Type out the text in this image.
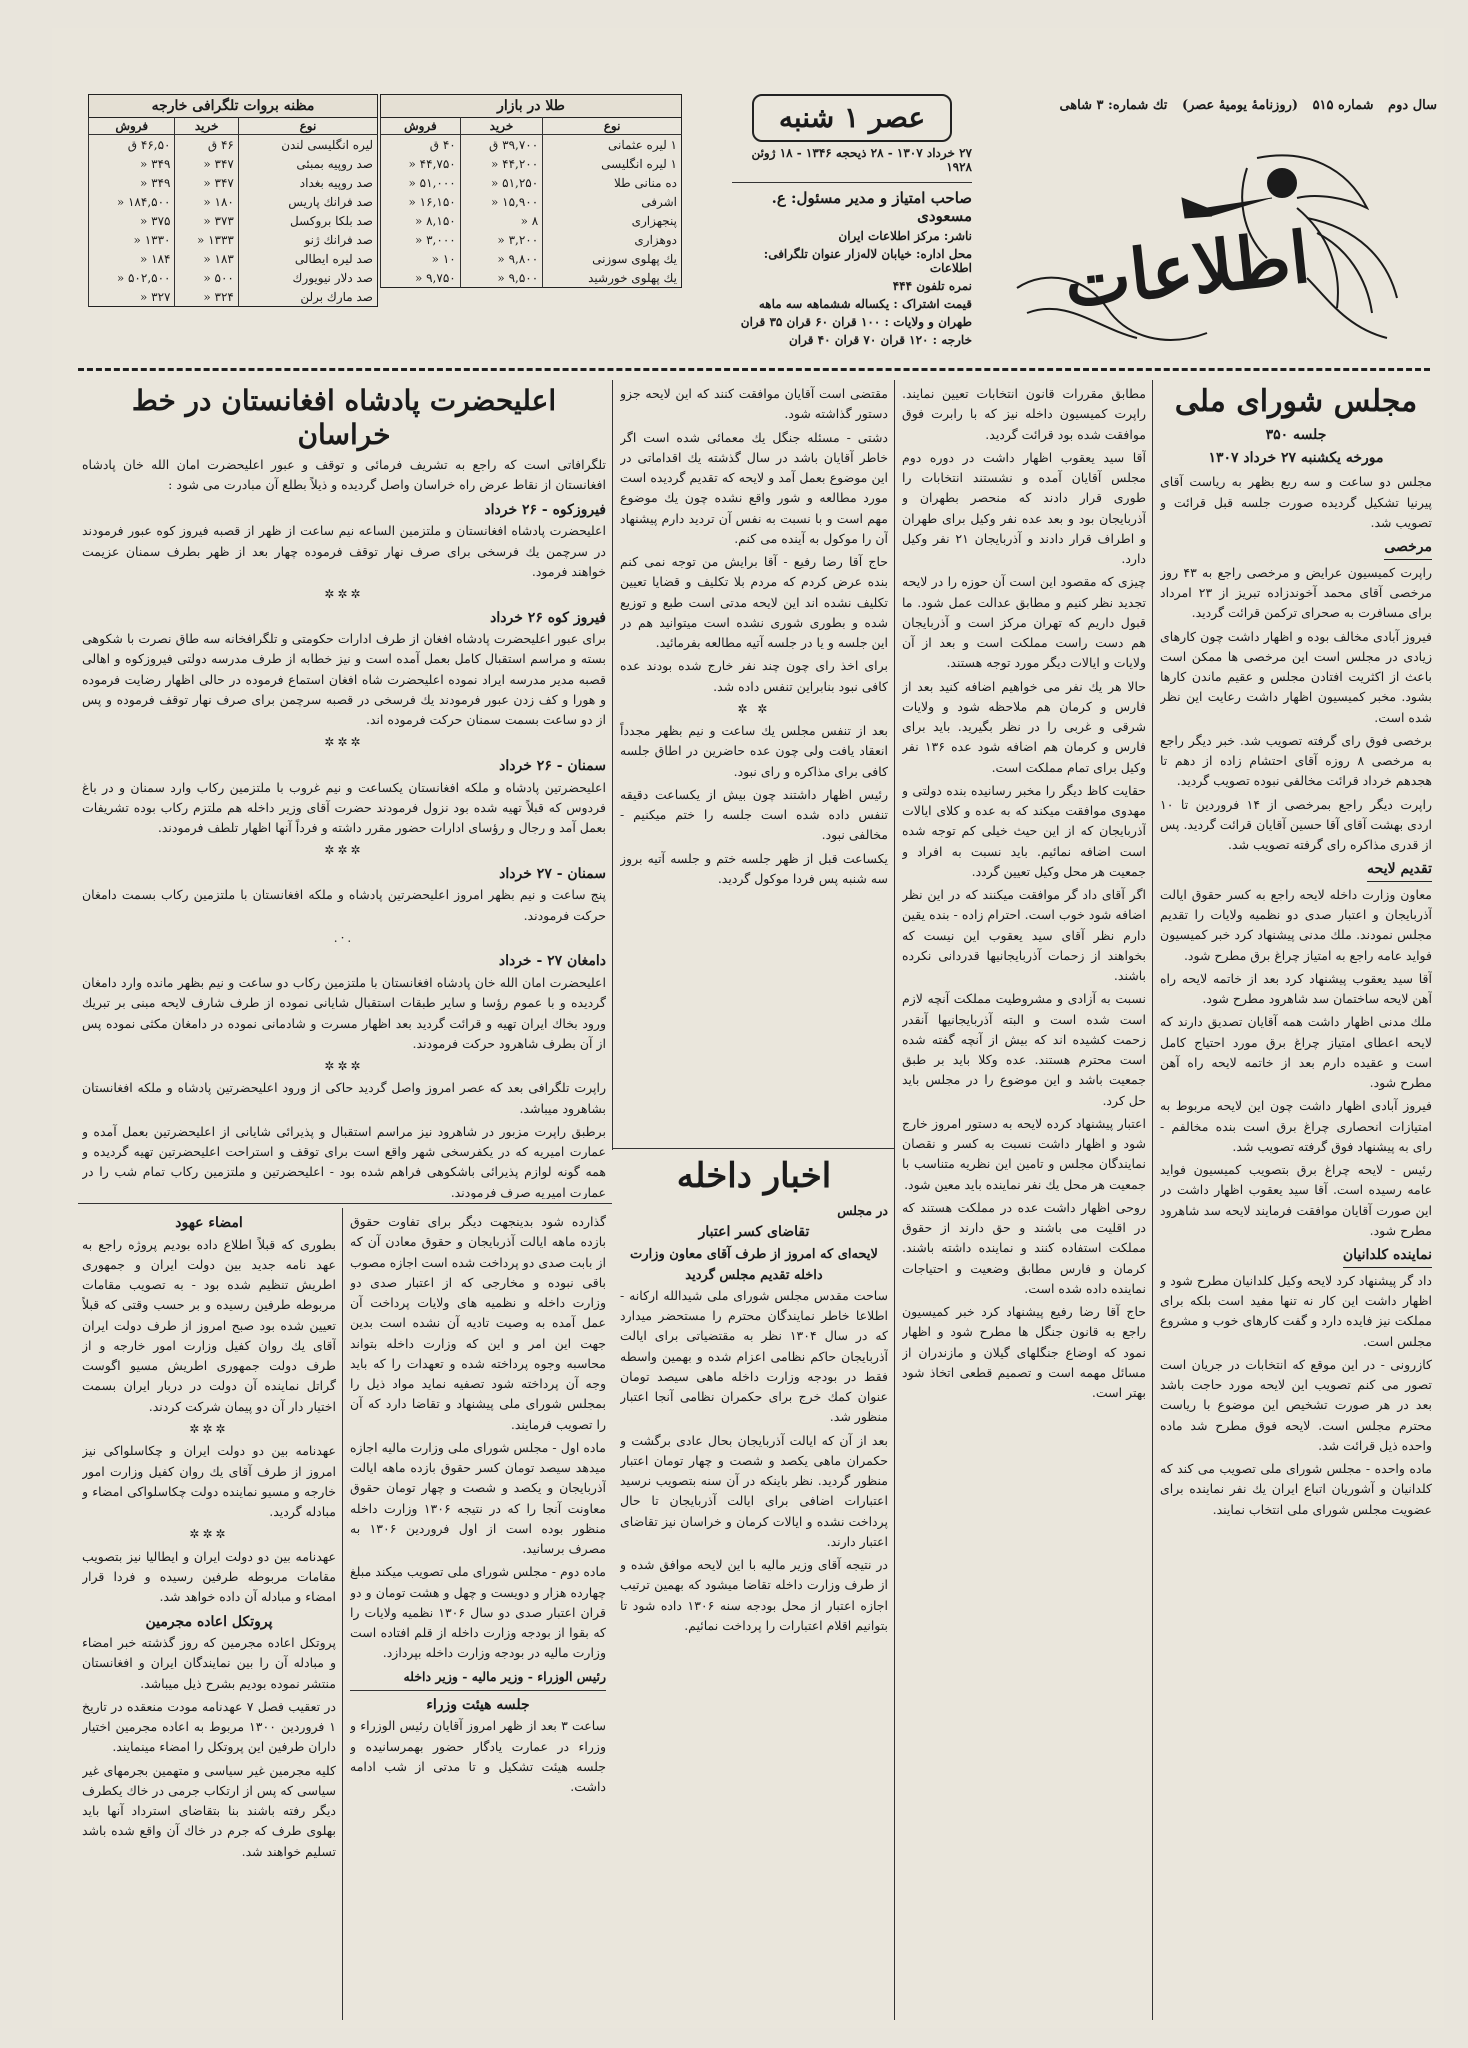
سال دوم شماره ۵۱۵ (روزنامهٔ یومیهٔ عصر) تك شماره: ۳ شاهی
اطلاعات
عصر ۱ شنبه
۲۷ خرداد ۱۳۰۷ - ۲۸ ذیحجه ۱۳۴۶ - ۱۸ ژوئن ۱۹۲۸
صاحب امتیاز و مدیر مسئول: ع. مسعودی
ناشر: مرکز اطلاعات ایران
محل اداره: خیابان لاله‌زار عنوان تلگرافی: اطلاعات
نمره تلفون ۴۴۴
قیمت اشتراک : یکساله ششماهه سه ماهه
طهران و ولایات : ۱۰۰ قران ۶۰ قران ۳۵ قران
خارجه : ۱۲۰ قران ۷۰ قران ۴۰ قران
طلا در بازار
نوع	خرید	فروش
۱ لیره عثمانی	۳۹,۷۰۰ ق	۴۰ ق
۱ لیره انگلیسی	۴۴,۲۰۰ «	۴۴,۷۵۰ «
ده منانی طلا	۵۱,۲۵۰ «	۵۱,۰۰۰ «
اشرفی	۱۵,۹۰۰ «	۱۶,۱۵۰ «
پنجهزاری	۸ «	۸,۱۵۰ «
دوهزاری	۳,۲۰۰ «	۳,۰۰۰ «
یك پهلوی سوزنی	۹,۸۰۰ «	۱۰ «
یك پهلوی خورشید	۹,۵۰۰ «	۹,۷۵۰ «
مظنه بروات تلگرافی خارجه
نوع	خرید	فروش
لیره انگلیسی لندن	۴۶ ق	۴۶,۵۰ ق
صد روپیه بمبئی	۳۴۷ «	۳۴۹ «
صد روپیه بغداد	۳۴۷ «	۳۴۹ «
صد فرانك پاریس	۱۸۰ «	۱۸۴,۵۰۰ «
صد بلکا بروکسل	۳۷۳ «	۳۷۵ «
صد فرانك ژنو	۱۳۳۳ «	۱۳۳۰ «
صد لیره ایطالی	۱۸۳ «	۱۸۴ «
صد دلار نیویورك	۵۰۰ «	۵۰۲,۵۰۰ «
صد مارك برلن	۳۲۴ «	۳۲۷ «
مجلس شورای ملی
جلسه ۳۵۰
مورخه یکشنبه ۲۷ خرداد ۱۳۰۷

مجلس دو ساعت و سه ربع بظهر به ریاست آقای پیرنیا تشکیل گردیده صورت جلسه قبل قرائت و تصویب شد.

مرخصی

راپرت کمیسیون عرایض و مرخصی راجع به ۴۳ روز مرخصی آقای محمد آخوندزاده تبریز از ۲۳ امرداد برای مسافرت به صحرای ترکمن قرائت گردید.

فیروز آبادی مخالف بوده و اظهار داشت چون کارهای زیادی در مجلس است این مرخصی ها ممکن است باعث از اکثریت افتادن مجلس و عقیم ماندن کارها بشود. مخبر کمیسیون اظهار داشت رعایت این نظر شده است.

برخصی فوق رای گرفته تصویب شد. خبر دیگر راجع به مرخصی ۸ روزه آقای احتشام زاده از دهم تا هجدهم خرداد قرائت مخالفی نبوده تصویب گردید.

راپرت دیگر راجع بمرخصی از ۱۴ فروردین تا ۱۰ اردی بهشت آقای آقا حسین آقایان قرائت گردید. پس از قدری مذاکره رای گرفته تصویب شد.

تقدیم لایحه

معاون وزارت داخله لایحه راجع به کسر حقوق ایالت آذربایجان و اعتبار صدی دو نظمیه ولایات را تقدیم مجلس نمودند. ملك مدنی پیشنهاد کرد خبر کمیسیون فواید عامه راجع به امتیاز چراغ برق مطرح شود.

آقا سید یعقوب پیشنهاد کرد بعد از خاتمه لایحه راه آهن لایحه ساختمان سد شاهرود مطرح شود.

ملك مدنی اظهار داشت همه آقایان تصدیق دارند که لایحه اعطای امتیاز چراغ برق مورد احتیاج کامل است و عقیده دارم بعد از خاتمه لایحه راه آهن مطرح شود.

فیروز آبادی اظهار داشت چون این لایحه مربوط به امتیازات انحصاری چراغ برق است بنده مخالفم - رای به پیشنهاد فوق گرفته تصویب شد.

رئیس - لایحه چراغ برق بتصویب کمیسیون فواید عامه رسیده است. آقا سید یعقوب اظهار داشت در این صورت آقایان موافقت فرمایند لایحه سد شاهرود مطرح شود.

نماینده کلدانیان

داد گر پیشنهاد کرد لایحه وکیل کلدانیان مطرح شود و اظهار داشت این کار نه تنها مفید است بلکه برای مملکت نیز فایده دارد و گفت کارهای خوب و مشروع مجلس است.

کازرونی - در این موقع که انتخابات در جریان است تصور می کنم تصویب این لایحه مورد حاجت باشد بعد در هر صورت تشخیص این موضوع با ریاست محترم مجلس است. لایحه فوق مطرح شد ماده واحده ذیل قرائت شد.

ماده واحده - مجلس شورای ملی تصویب می کند که کلدانیان و آشوریان اتباع ایران یك نفر نماینده برای عضویت مجلس شورای ملی انتخاب نمایند.

مطابق مقررات قانون انتخابات تعیین نمایند. راپرت کمیسیون داخله نیز که با رابرت فوق موافقت شده بود قرائت گردید.

آقا سید یعقوب اظهار داشت در دوره دوم مجلس آقایان آمده و نشستند انتخابات را طوری قرار دادند که منحصر بطهران و آذربایجان بود و بعد عده نفر وکیل برای طهران و اطراف قرار دادند و آذربایجان ۲۱ نفر وکیل دارد.

چیزی که مقصود این است آن حوزه را در لایحه تجدید نظر کنیم و مطابق عدالت عمل شود. ما قبول داریم که تهران مرکز است و آذربایجان هم دست راست مملکت است و بعد از آن ولایات و ایالات دیگر مورد توجه هستند.

حالا هر یك نفر می خواهیم اضافه کنید بعد از فارس و کرمان هم ملاحظه شود و ولایات شرقی و غربی را در نظر بگیرید. باید برای فارس و کرمان هم اضافه شود عده ۱۳۶ نفر وکیل برای تمام مملکت است.

حقایت کاظ دیگر را مخبر رسانیده بنده دولتی و مهدوی موافقت میکند که به عده و کلای ایالات آذربایجان که از این حیث خیلی کم توجه شده است اضافه نمائیم. باید نسبت به افراد و جمعیت هر محل وکیل تعیین گردد.

اگر آقای داد گر موافقت میکنند که در این نظر اضافه شود خوب است. احترام زاده - بنده یقین دارم نظر آقای سید یعقوب این نیست که بخواهند از زحمات آذربایجانیها قدردانی نکرده باشند.

نسبت به آزادی و مشروطیت مملکت آنچه لازم است شده است و البته آذربایجانیها آنقدر زحمت کشیده اند که بیش از آنچه گفته شده است محترم هستند. عده وکلا باید بر طبق جمعیت باشد و این موضوع را در مجلس باید حل کرد.

اعتبار پیشنهاد کرده لایحه به دستور امروز خارج شود و اظهار داشت نسبت به کسر و نقصان نمایندگان مجلس و تامین این نظریه متناسب با جمعیت هر محل یك نفر نماینده باید معین شود.

روحی اظهار داشت عده در مملکت هستند که در اقلیت می باشند و حق دارند از حقوق مملکت استفاده کنند و نماینده داشته باشند. کرمان و فارس مطابق وضعیت و احتیاجات نماینده داده شده است.

حاج آقا رضا رفیع پیشنهاد کرد خبر کمیسیون راجع به قانون جنگل ها مطرح شود و اظهار نمود که اوضاع جنگلهای گیلان و مازندران از مسائل مهمه است و تصمیم قطعی اتخاذ شود بهتر است.

مقتضی است آقایان موافقت کنند که این لایحه جزو دستور گذاشته شود.

دشتی - مسئله جنگل یك معمائی شده است اگر خاطر آقایان باشد در سال گذشته یك اقداماتی در این موضوع بعمل آمد و لایحه که تقدیم گردیده است مورد مطالعه و شور واقع نشده چون یك موضوع مهم است و با نسبت به نفس آن تردید دارم پیشنهاد آن را موکول به آینده می کنم.

حاج آقا رضا رفیع - آقا برایش من توجه نمی کنم بنده عرض کردم که مردم بلا تکلیف و قضایا تعیین تکلیف نشده اند این لایحه مدتی است طبع و توزیع شده و بطوری شوری نشده است میتوانید هم در این جلسه و یا در جلسه آتیه مطالعه بفرمائید.

برای اخذ رای چون چند نفر خارج شده بودند عده کافی نبود بنابراین تنفس داده شد.

✲ ✲

بعد از تنفس مجلس یك ساعت و نیم بظهر مجدداً انعقاد یافت ولی چون عده حاضرین در اطاق جلسه کافی برای مذاکره و رای نبود.

رئیس اظهار داشتند چون بیش از یکساعت دقیقه تنفس داده شده است جلسه را ختم میکنیم - مخالفی نبود.

یکساعت قبل از ظهر جلسه ختم و جلسه آتیه بروز سه شنبه پس فردا موکول گردید.

اخبار داخله
در مجلس
تقاضای کسر اعتبار
لایحه‌ای که امروز از طرف آقای معاون وزارت داخله تقدیم مجلس گردید

ساحت مقدس مجلس شورای ملی شیدالله ارکانه - اطلاعا خاطر نمایندگان محترم را مستحضر میدارد که در سال ۱۳۰۴ نظر به مقتضیاتی برای ایالت آذربایجان حاکم نظامی اعزام شده و بهمین واسطه فقط در بودجه وزارت داخله ماهی سیصد تومان عنوان کمك خرج برای حکمران نظامی آنجا اعتبار منظور شد.

بعد از آن که ایالت آذربایجان بحال عادی برگشت و حکمران ماهی یکصد و شصت و چهار تومان اعتبار منظور گردید. نظر باینکه در آن سنه بتصویب نرسید اعتبارات اضافی برای ایالت آذربایجان تا حال پرداخت نشده و ایالات کرمان و خراسان نیز تقاضای اعتبار دارند.

در نتیجه آقای وزیر مالیه با این لایحه موافق شده و از طرف وزارت داخله تقاضا میشود که بهمین ترتیب اجازه اعتبار از محل بودجه سنه ۱۳۰۶ داده شود تا بتوانیم اقلام اعتبارات را پرداخت نمائیم.

اعلیحضرت پادشاه افغانستان در خط خراسان

تلگرافاتی است که راجع به تشریف فرمائی و توقف و عبور اعلیحضرت امان الله خان پادشاه افغانستان از نقاط عرض راه خراسان واصل گردیده و ذیلاً بطلع آن مبادرت می شود :

فیروزکوه - ۲۶ خرداد

اعلیحضرت پادشاه افغانستان و ملتزمین الساعه نیم ساعت از ظهر از قصبه فیروز کوه عبور فرمودند در سرچمن یك فرسخی برای صرف نهار توقف فرموده چهار بعد از ظهر بطرف سمنان عزیمت خواهند فرمود.

✲✲✲
فیروز کوه ۲۶ خرداد

برای عبور اعلیحضرت پادشاه افغان از طرف ادارات حکومتی و تلگرافخانه سه طاق نصرت با شکوهی بسته و مراسم استقبال کامل بعمل آمده است و نیز خطابه از طرف مدرسه دولتی فیروزکوه و اهالی قصبه مدیر مدرسه ایراد نموده اعلیحضرت شاه افغان استماع فرموده در حالی اظهار رضایت فرموده و هورا و کف زدن عبور فرمودند یك فرسخی در قصبه سرچمن برای صرف نهار توقف فرموده و پس از دو ساعت بسمت سمنان حرکت فرموده اند.

✲✲✲
سمنان - ۲۶ خرداد

اعلیحضرتین پادشاه و ملکه افغانستان یکساعت و نیم غروب با ملتزمین رکاب وارد سمنان و در باغ فردوس که قبلاً تهیه شده بود نزول فرمودند حضرت آقای وزیر داخله هم ملتزم رکاب بوده تشریفات بعمل آمد و رجال و رؤسای ادارات حضور مقرر داشته و فرداً آنها اظهار تلطف فرمودند.

✲✲✲
سمنان - ۲۷ خرداد

پنج ساعت و نیم بظهر امروز اعلیحضرتین پادشاه و ملکه افغانستان با ملتزمین رکاب بسمت دامغان حرکت فرمودند.

.·.
دامغان ۲۷ - خرداد

اعلیحضرت امان الله خان پادشاه افغانستان با ملتزمین رکاب دو ساعت و نیم بظهر مانده وارد دامغان گردیده و با عموم رؤسا و سایر طبقات استقبال شایانی نموده از طرف شارف لایحه مبنی بر تبریك ورود بخاك ایران تهیه و قرائت گردید بعد اظهار مسرت و شادمانی نموده در دامغان مکثی نموده پس از آن بطرف شاهرود حرکت فرمودند.

✲✲✲

راپرت تلگرافی بعد که عصر امروز واصل گردید حاکی از ورود اعلیحضرتین پادشاه و ملکه افغانستان بشاهرود میباشد.

برطبق راپرت مزبور در شاهرود نیز مراسم استقبال و پذیرائی شایانی از اعلیحضرتین بعمل آمده و عمارت امیریه که در یکفرسخی شهر واقع است برای توقف و استراحت اعلیحضرتین تهیه گردیده و همه گونه لوازم پذیرائی باشکوهی فراهم شده بود - اعلیحضرتین و ملتزمین رکاب تمام شب را در عمارت امیریه صرف فرمودند.

گذارده شود بدینجهت دیگر برای تفاوت حقوق بازده ماهه ایالت آذربایجان و حقوق معادن آن که از بابت صدی دو پرداخت شده است اجازه مصوب باقی نبوده و مخارجی که از اعتبار صدی دو وزارت داخله و نظمیه های ولایات پرداخت آن عمل آمده به وصیت تادیه آن نشده است بدین جهت این امر و این که وزارت داخله بتواند محاسبه وجوه پرداخته شده و تعهدات را که باید وجه آن پرداخته شود تصفیه نماید مواد ذیل را بمجلس شورای ملی پیشنهاد و تقاضا دارد که آن را تصویب فرمایند.

ماده اول - مجلس شورای ملی وزارت مالیه اجازه میدهد سیصد تومان کسر حقوق بازده ماهه ایالت آذربایجان و یکصد و شصت و چهار تومان حقوق معاونت آنجا را که در نتیجه ۱۳۰۶ وزارت داخله منظور بوده است از اول فروردین ۱۳۰۶ به مصرف برسانید.

ماده دوم - مجلس شورای ملی تصویب میکند مبلغ چهارده هزار و دویست و چهل و هشت تومان و دو قران اعتبار صدی دو سال ۱۳۰۶ نظمیه ولایات را که بقوا از بودجه وزارت داخله از قلم افتاده است وزارت مالیه در بودجه وزارت داخله بپردازد.

رئیس الوزراء - وزیر مالیه - وزیر داخله

جلسه هیئت وزراء

ساعت ۳ بعد از ظهر امروز آقایان رئیس الوزراء و وزراء در عمارت یادگار حضور بهمرسانیده و جلسه هیئت تشکیل و تا مدتی از شب ادامه داشت.

امضاء عهود

بطوری که قبلاً اطلاع داده بودیم پروژه راجع به عهد نامه جدید بین دولت ایران و جمهوری اطریش تنظیم شده بود - به تصویب مقامات مربوطه طرفین رسیده و بر حسب وقتی که قبلاً تعیین شده بود صبح امروز از طرف دولت ایران آقای یك روان کفیل وزارت امور خارجه و از طرف دولت جمهوری اطریش مسیو اگوست گراتل نماینده آن دولت در دربار ایران بسمت اختیار دار آن دو پیمان شرکت کردند.

✲✲✲

عهدنامه بین دو دولت ایران و چکاسلواکی نیز امروز از طرف آقای یك روان کفیل وزارت امور خارجه و مسیو نماینده دولت چکاسلواکی امضاء و مبادله گردید.

✲✲✲

عهدنامه بین دو دولت ایران و ایطالیا نیز بتصویب مقامات مربوطه طرفین رسیده و فردا قرار امضاء و مبادله آن داده خواهد شد.

پروتکل اعاده مجرمین

پروتکل اعاده مجرمین که روز گذشته خبر امضاء و مبادله آن را بین نمایندگان ایران و افغانستان منتشر نموده بودیم بشرح ذیل میباشد.

در تعقیب فصل ۷ عهدنامه مودت منعقده در تاریخ ۱ فروردین ۱۳۰۰ مربوط به اعاده مجرمین اختیار داران طرفین این پروتکل را امضاء مینمایند.

کلیه مجرمین غیر سیاسی و متهمین بجرمهای غیر سیاسی که پس از ارتکاب جرمی در خاك یکطرف دیگر رفته باشند بنا بتقاضای استرداد آنها باید بهلوی طرف که جرم در خاك آن واقع شده باشد تسلیم خواهند شد.
